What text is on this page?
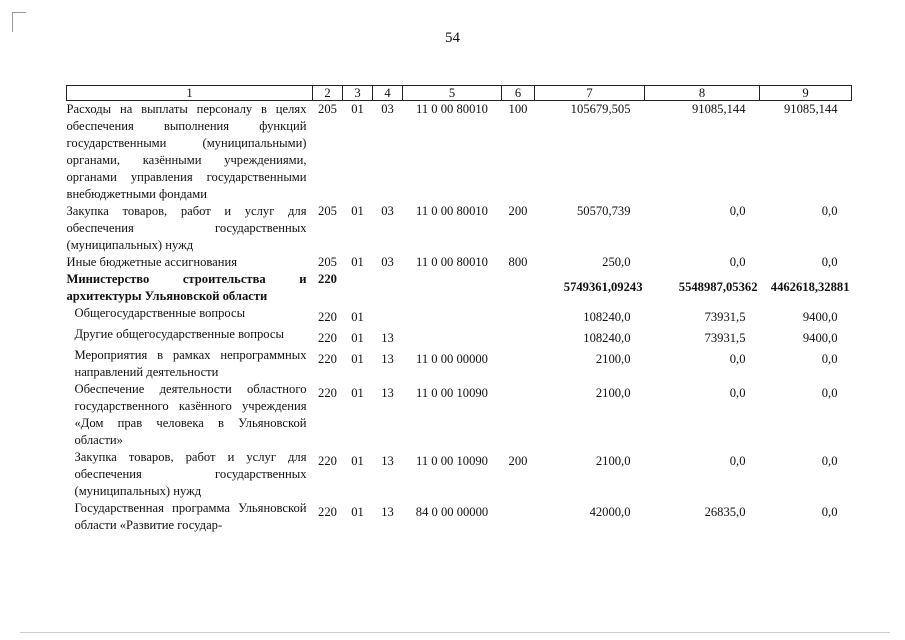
54
1	2	3	4	5	6	7	8	9
Расходы на выплаты персоналу в целях обеспечения выполнения функций государственными (муниципальными) органами, казёнными учреждениями, органами управления государственными внебюджетными фондами	205	01	03	11 0 00 80010	100	105679,505	91085,144	91085,144
Закупка товаров, работ и услуг для обеспечения государственных (муниципальных) нужд	205	01	03	11 0 00 80010	200	50570,739	0,0	0,0
Иные бюджетные ассигнования	205	01	03	11 0 00 80010	800	250,0	0,0	0,0
Министерство строительства и архитектуры Ульяновской области	220					5749361,09243	5548987,05362	4462618,32881
Общегосударственные вопросы	220	01				108240,0	73931,5	9400,0
Другие общегосударственные вопросы	220	01	13			108240,0	73931,5	9400,0
Мероприятия в рамках непрограммных направлений деятельности	220	01	13	11 0 00 00000		2100,0	0,0	0,0
Обеспечение деятельности областного государственного казённого учреждения «Дом прав человека в Ульяновской области»	220	01	13	11 0 00 10090		2100,0	0,0	0,0
Закупка товаров, работ и услуг для обеспечения государственных (муниципальных) нужд	220	01	13	11 0 00 10090	200	2100,0	0,0	0,0
Государственная программа Ульяновской области «Развитие государ-	220	01	13	84 0 00 00000		42000,0	26835,0	0,0
